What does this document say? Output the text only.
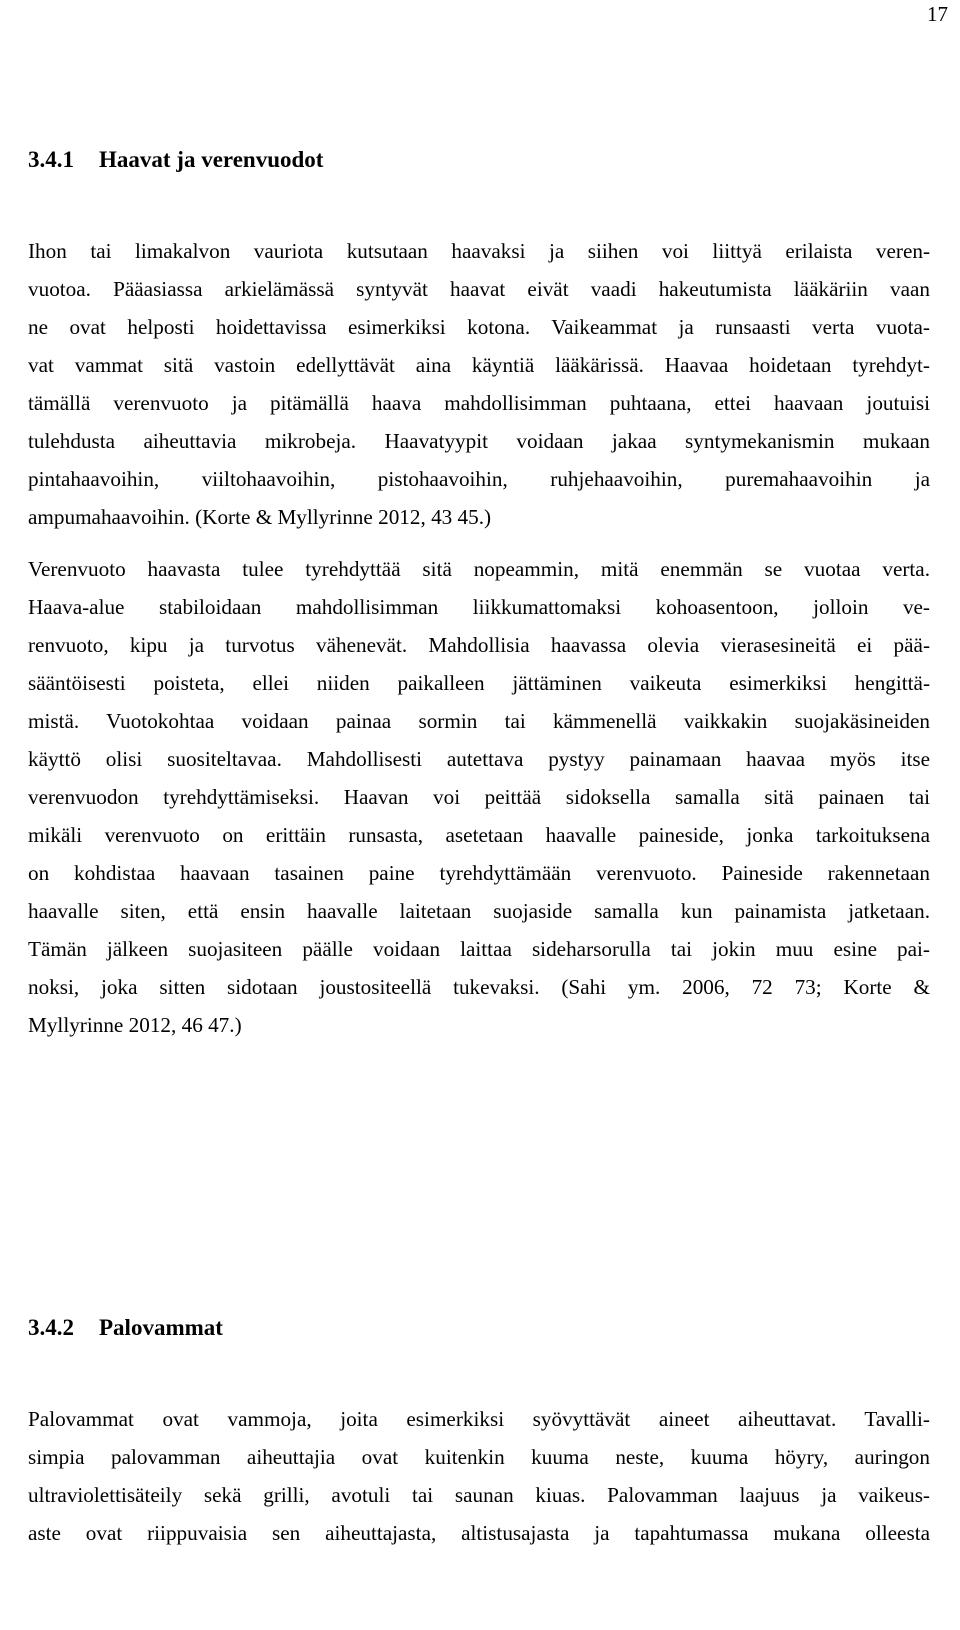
17
3.4.1 Haavat ja verenvuodot
Ihon tai limakalvon vauriota kutsutaan haavaksi ja siihen voi liittyä erilaista veren-
vuotoa. Pääasiassa arkielämässä syntyvät haavat eivät vaadi hakeutumista lääkäriin vaan
ne ovat helposti hoidettavissa esimerkiksi kotona. Vaikeammat ja runsaasti verta vuota-
vat vammat sitä vastoin edellyttävät aina käyntiä lääkärissä. Haavaa hoidetaan tyrehdyt-
tämällä verenvuoto ja pitämällä haava mahdollisimman puhtaana, ettei haavaan joutuisi
tulehdusta aiheuttavia mikrobeja. Haavatyypit voidaan jakaa syntymekanismin mukaan
pintahaavoihin, viiltohaavoihin, pistohaavoihin, ruhjehaavoihin, puremahaavoihin ja
ampumahaavoihin. (Korte & Myllyrinne 2012, 43 45.)
Verenvuoto haavasta tulee tyrehdyttää sitä nopeammin, mitä enemmän se vuotaa verta.
Haava-alue stabiloidaan mahdollisimman liikkumattomaksi kohoasentoon, jolloin ve-
renvuoto, kipu ja turvotus vähenevät. Mahdollisia haavassa olevia vierasesineitä ei pää-
sääntöisesti poisteta, ellei niiden paikalleen jättäminen vaikeuta esimerkiksi hengittä-
mistä. Vuotokohtaa voidaan painaa sormin tai kämmenellä vaikkakin suojakäsineiden
käyttö olisi suositeltavaa. Mahdollisesti autettava pystyy painamaan haavaa myös itse
verenvuodon tyrehdyttämiseksi. Haavan voi peittää sidoksella samalla sitä painaen tai
mikäli verenvuoto on erittäin runsasta, asetetaan haavalle paineside, jonka tarkoituksena
on kohdistaa haavaan tasainen paine tyrehdyttämään verenvuoto. Paineside rakennetaan
haavalle siten, että ensin haavalle laitetaan suojaside samalla kun painamista jatketaan.
Tämän jälkeen suojasiteen päälle voidaan laittaa sideharsorulla tai jokin muu esine pai-
noksi, joka sitten sidotaan joustositeellä tukevaksi. (Sahi ym. 2006, 72 73; Korte &
Myllyrinne 2012, 46 47.)
3.4.2 Palovammat
Palovammat ovat vammoja, joita esimerkiksi syövyttävät aineet aiheuttavat. Tavalli-
simpia palovamman aiheuttajia ovat kuitenkin kuuma neste, kuuma höyry, auringon
ultraviolettisäteily sekä grilli, avotuli tai saunan kiuas. Palovamman laajuus ja vaikeus-
aste ovat riippuvaisia sen aiheuttajasta, altistusajasta ja tapahtumassa mukana olleesta
